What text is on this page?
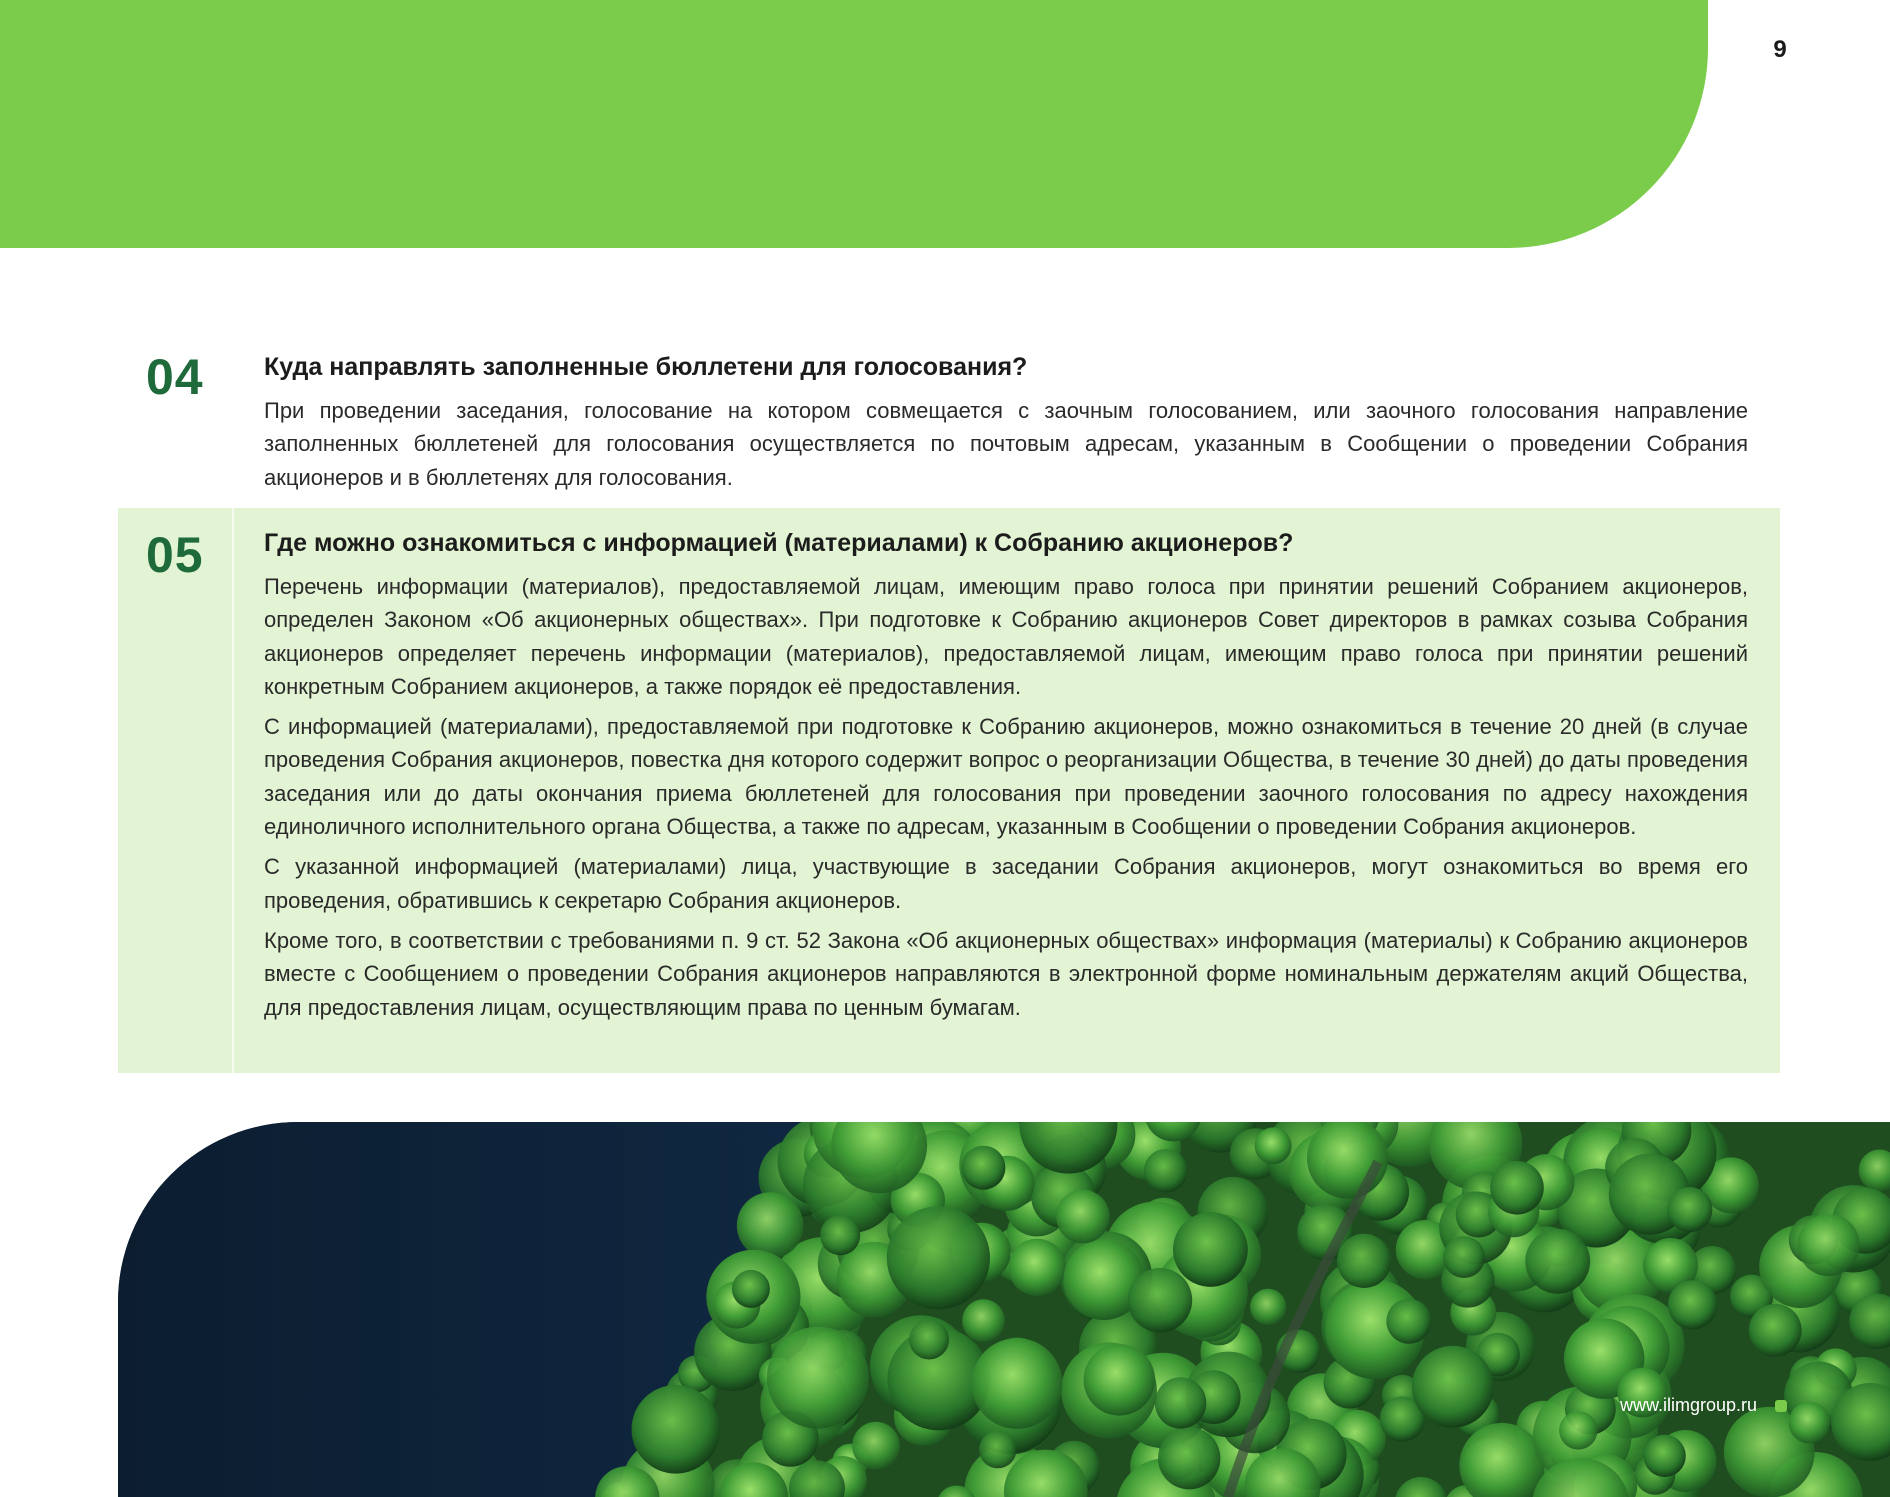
9
04 Куда направлять заполненные бюллетени для голосования?

При проведении заседания, голосование на котором совмещается с заочным голосованием, или заочного голосования направление заполненных бюллетеней для голосования осуществляется по почтовым адресам, указанным в Сообщении о проведении Собрания акционеров и в бюллетенях для голосования.

05 Где можно ознакомиться с информацией (материалами) к Собранию акционеров?

Перечень информации (материалов), предоставляемой лицам, имеющим право голоса при принятии решений Собранием акционеров, определен Законом «Об акционерных обществах». При подготовке к Собранию акционеров Совет директоров в рамках созыва Собрания акционеров определяет перечень информации (материалов), предоставляемой лицам, имеющим право голоса при принятии решений конкретным Собранием акционеров, а также порядок её предоставления.

С информацией (материалами), предоставляемой при подготовке к Собранию акционеров, можно ознакомиться в течение 20 дней (в случае проведения Собрания акционеров, повестка дня которого содержит вопрос о реорганизации Общества, в течение 30 дней) до даты проведения заседания или до даты окончания приема бюллетеней для голосования при проведении заочного голосования по адресу нахождения единоличного исполнительного органа Общества, а также по адресам, указанным в Сообщении о проведении Собрания акционеров.

С указанной информацией (материалами) лица, участвующие в заседании Собрания акционеров, могут ознакомиться во время его проведения, обратившись к секретарю Собрания акционеров.

Кроме того, в соответствии с требованиями п. 9 ст. 52 Закона «Об акционерных обществах» информация (материалы) к Собранию акционеров вместе с Сообщением о проведении Собрания акционеров направляются в электронной форме номинальным держателям акций Общества, для предоставления лицам, осуществляющим права по ценным бумагам.

www.ilimgroup.ru
